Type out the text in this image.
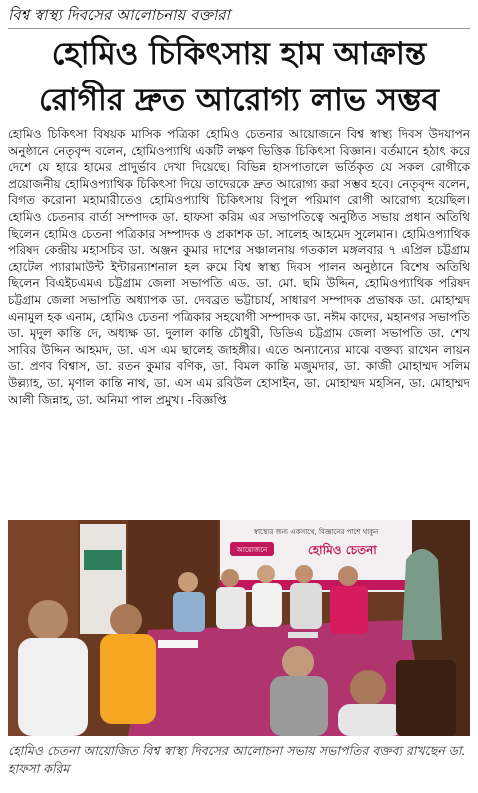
বিশ্ব স্বাস্থ্য দিবসের আলোচনায় বক্তারা
হোমিও চিকিৎসায় হাম আক্রান্ত
রোগীর দ্রুত আরোগ্য লাভ সম্ভব
হোমিও চিকিৎসা বিষয়ক মাসিক পত্রিকা হোমিও চেতনার আয়োজনে বিশ্ব স্বাস্থ্য দিবস উদযাপন অনুষ্ঠানে নেতৃবৃন্দ বলেন, হোমিওপ্যাথি একটি লক্ষণ ভিত্তিক চিকিৎসা বিজ্ঞান। বর্তমানে হঠাৎ করে দেশে যে হারে হামের প্রাদুর্ভাব দেখা দিয়েছে। বিভিন্ন হাসপাতালে ভর্তিকৃত যে সকল রোগীকে প্রয়োজনীয় হোমিওপ্যাথিক চিকিৎসা দিয়ে তাদেরকে দ্রুত আরোগ্য করা সম্ভব হবে। নেতৃবৃন্দ বলেন, বিগত করোনা মহামারীতেও হোমিওপ্যাথি চিকিৎসায় বিপুল পরিমাণ রোগী আরোগ্য হয়েছিল। হোমিও চেতনার বার্তা সম্পাদক ডা. হাফসা করিম এর সভাপতিত্বে অনুষ্ঠিত সভায় প্রধান অতিথি ছিলেন হোমিও চেতনা পত্রিকার সম্পাদক ও প্রকাশক ডা. সালেহ আহমেদ সুলেমান। হোমিওপ্যাথিক পরিষদ কেন্দ্রীয় মহাসচিব ডা. অঞ্জন কুমার দাশের সঞ্চালনায় গতকাল মঙ্গলবার ৭ এপ্রিল চট্টগ্রাম হোটেল প্যারামাউন্ট ইন্টারন্যাশনাল হল রুমে বিশ্ব স্বাস্থ্য দিবস পালন অনুষ্ঠানে বিশেষ অতিথি ছিলেন বিএইচএমএ চট্টগ্রাম জেলা সভাপতি এড. ডা. মো. ছমি উদ্দিন, হোমিওপ্যাথিক পরিষদ চট্টগ্রাম জেলা সভাপতি অধ্যাপক ডা. দেবব্রত ভট্টাচার্য, সাধারণ সম্পাদক প্রভাষক ডা. মোহাম্মদ এনামুল হক এনাম, হোমিও চেতনা পত্রিকার সহযোগী সম্পাদক ডা. নঈম কাদের, মহানগর সভাপতি ডা. মৃদুল কান্তি দে, অধ্যক্ষ ডা. দুলাল কান্তি চৌধুরী, ডিডিএ চট্টগ্রাম জেলা সভাপতি ডা. শেখ সাবির উদ্দিন আহমদ, ডা. এস এম ছালেহ জাহঙ্গীর। এতে অন্যান্যের মাঝে বক্তব্য রাখেন লায়ন ডা. প্রণব বিশ্বাস, ডা. রতন কুমার বণিক, ডা. বিমল কান্তি মজুমদার, ডা. কাজী মোহাম্মদ সলিম উল্ল্যাহ, ডা. মৃণাল কান্তি নাথ, ডা. এস এম রবিউল হোসাইন, ডা. মোহাম্মদ মহসিন, ডা. মোহাম্মদ আলী জিন্নাহ, ডা. অনিমা পাল প্রমুখ। -বিজ্ঞপ্তি
স্বাস্থ্যের জন্য একসাথে, বিজ্ঞানের পাশে থাকুন
আয়োজনে	হোমিও চেতনা
হোমিও চেতনা আয়োজিত বিশ্ব স্বাস্থ্য দিবসের আলোচনা সভায় সভাপতির বক্তব্য রাখছেন ডা. হাফসা করিম
